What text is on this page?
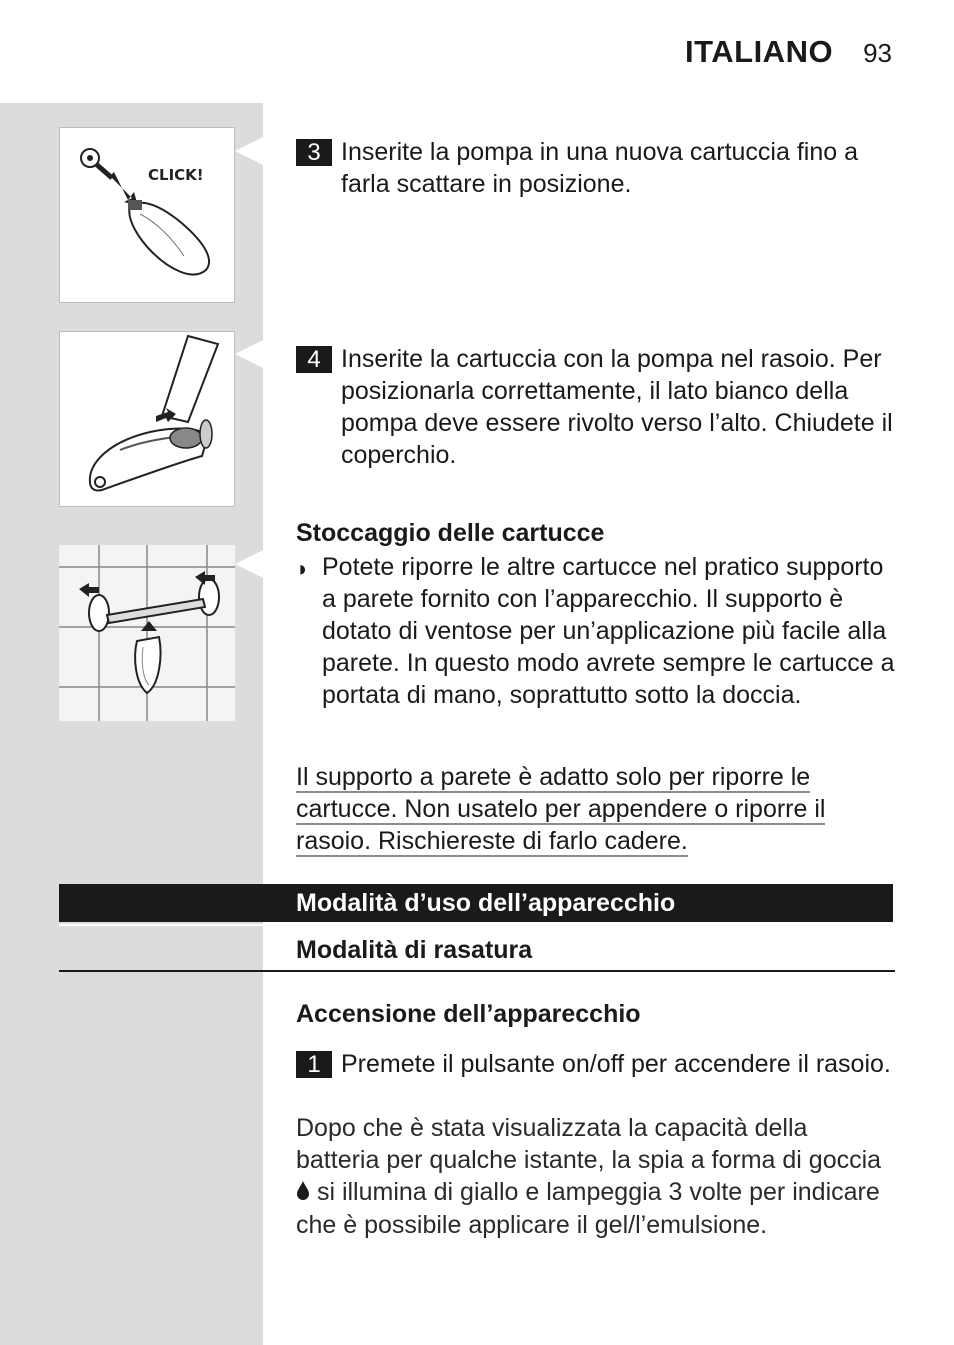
ITALIANO 93
CLICK!
3 Inserite la pompa in una nuova cartuccia fino a farla scattare in posizione.
4 Inserite la cartuccia con la pompa nel rasoio. Per posizionarla correttamente, il lato bianco della pompa deve essere rivolto verso l’alto. Chiudete il coperchio.
Stoccaggio delle cartucce
◗ Potete riporre le altre cartucce nel pratico supporto a parete fornito con l’apparecchio. Il supporto è dotato di ventose per un’applicazione più facile alla parete. In questo modo avrete sempre le cartucce a portata di mano, soprattutto sotto la doccia.
Il supporto a parete è adatto solo per riporre le cartucce. Non usatelo per appendere o riporre il rasoio. Rischiereste di farlo cadere.
Modalità d’uso dell’apparecchio
Modalità di rasatura
Accensione dell’apparecchio
1 Premete il pulsante on/off per accendere il rasoio.
Dopo che è stata visualizzata la capacità della batteria per qualche istante, la spia a forma di goccia  si illumina di giallo e lampeggia 3 volte per indicare che è possibile applicare il gel/l’emulsione.
